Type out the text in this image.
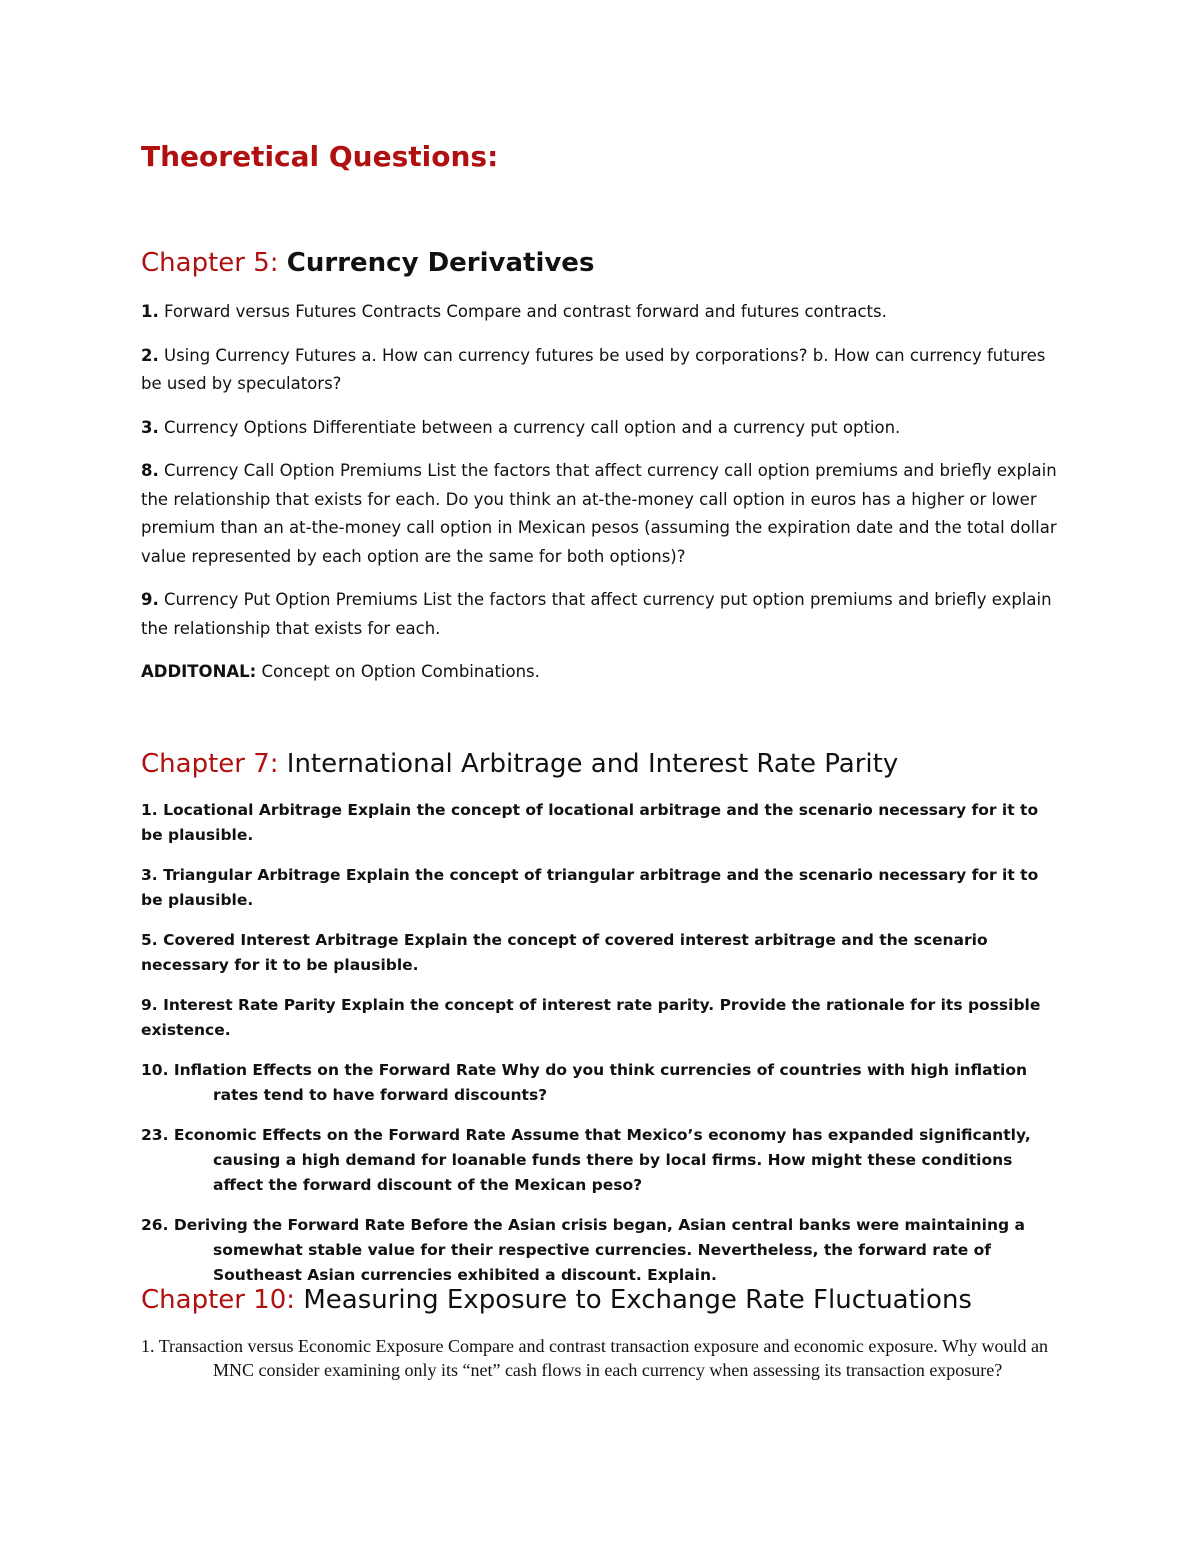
Theoretical Questions:
Chapter 5: Currency Derivatives

1. Forward versus Futures Contracts Compare and contrast forward and futures contracts.

2. Using Currency Futures a. How can currency futures be used by corporations? b. How can currency futures be used by speculators?

3. Currency Options Differentiate between a currency call option and a currency put option.

8. Currency Call Option Premiums List the factors that affect currency call option premiums and briefly explain the relationship that exists for each. Do you think an at-the-money call option in euros has a higher or lower premium than an at-the-money call option in Mexican pesos (assuming the expiration date and the total dollar value represented by each option are the same for both options)?

9. Currency Put Option Premiums List the factors that affect currency put option premiums and briefly explain the relationship that exists for each.

ADDITONAL: Concept on Option Combinations.

Chapter 7: International Arbitrage and Interest Rate Parity

1. Locational Arbitrage Explain the concept of locational arbitrage and the scenario necessary for it to be plausible.

3. Triangular Arbitrage Explain the concept of triangular arbitrage and the scenario necessary for it to be plausible.

5. Covered Interest Arbitrage Explain the concept of covered interest arbitrage and the scenario necessary for it to be plausible.

9. Interest Rate Parity Explain the concept of interest rate parity. Provide the rationale for its possible existence.

10. Inflation Effects on the Forward Rate Why do you think currencies of countries with high inflation rates tend to have forward discounts?

23. Economic Effects on the Forward Rate Assume that Mexico’s economy has expanded significantly, causing a high demand for loanable funds there by local firms. How might these conditions affect the forward discount of the Mexican peso?

26. Deriving the Forward Rate Before the Asian crisis began, Asian central banks were maintaining a somewhat stable value for their respective currencies. Nevertheless, the forward rate of Southeast Asian currencies exhibited a discount. Explain.

Chapter 10: Measuring Exposure to Exchange Rate Fluctuations

1. Transaction versus Economic Exposure Compare and contrast transaction exposure and economic exposure. Why would an MNC consider examining only its “net” cash flows in each currency when assessing its transaction exposure?
